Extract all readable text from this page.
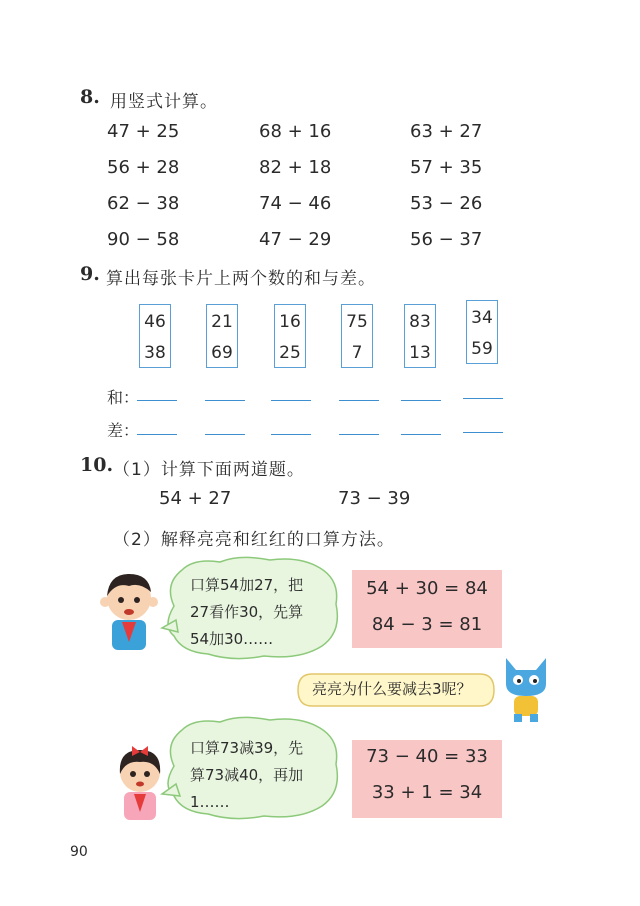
8. 用竖式计算。
47 + 25	68 + 16	63 + 27
56 + 28	82 + 18	57 + 35
62 − 38	74 − 46	53 − 26
90 − 58	47 − 29	56 − 37
9. 算出每张卡片上两个数的和与差。
46
38
21
69
16
25
75
7
83
13
34
59
和：
差：
10. （1）计算下面两道题。
54 + 27	73 − 39
（2）解释亮亮和红红的口算方法。
口算54加27，把
27看作30，先算
54加30……
54 + 30 = 84
84 − 3 = 81
亮亮为什么要减去3呢？
口算73减39，先
算73减40，再加
1……
73 − 40 = 33
33 + 1 = 34
90
